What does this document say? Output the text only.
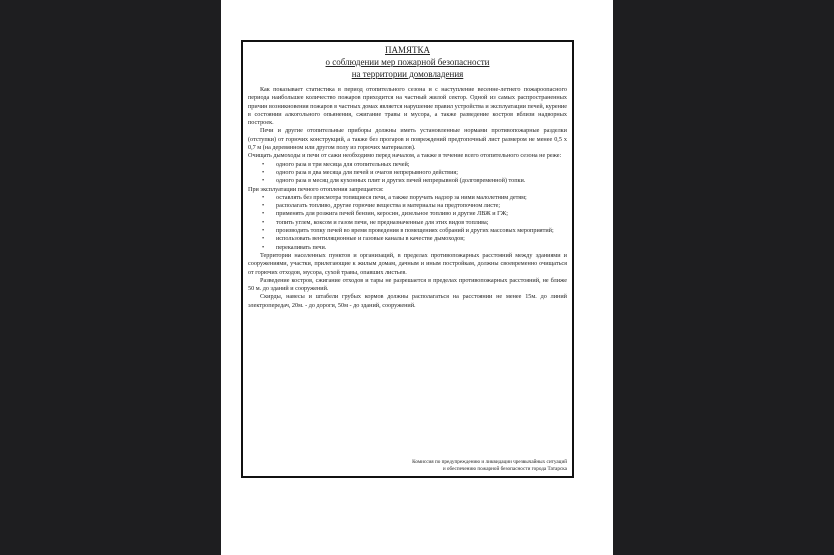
ПАМЯТКА

о соблюдении мер пожарной безопасности

на территории домовладения

Как показывает статистика в период отопительного сезона и с наступление весенне-летнего пожароопасного периода наибольшее количество пожаров приходится на частный жилой сектор. Одной из самых распространенных причин возникновения пожаров в частных домах является нарушение правил устройства и эксплуатации печей, курение в состоянии алкогольного опьянения, сжигание травы и мусора, а также разведение костров вблизи надворных построек.

Печи и другие отопительные приборы должны иметь установленные нормами противопожарные разделки (отступки) от горючих конструкций, а также без прогаров и повреждений предтопочный лист размером не менее 0,5 х 0,7 м (на деревянном или другом полу из горючих материалов).

Очищать дымоходы и печи от сажи необходимо перед началом, а также в течение всего отопительного сезона не реже:

• одного раза в три месяца для отопительных печей;
• одного раза в два месяца для печей и очагов непрерывного действия;
• одного раза в месяц для кухонных плит и других печей непрерывной (долговременной) топки.

При эксплуатации печного отопления запрещается:

• оставлять без присмотра топящиеся печи, а также поручать надзор за ними малолетним детям;
• располагать топливо, другие горючие вещества и материалы на предтопочном листе;
• применять для розжига печей бензин, керосин, дизельное топливо и другие ЛВЖ и ГЖ;
• топить углем, коксом и газом печи, не предназначенные для этих видов топлива;
• производить топку печей во время проведения в помещениях собраний и других массовых мероприятий;
• использовать вентиляционные и газовые каналы в качестве дымоходов;
• перекаливать печи.

Территории населенных пунктов и организаций, в пределах противопожарных расстояний между зданиями и сооружениями, участки, прилегающие к жилым домам, дачным и иным постройкам, должны своевременно очищаться от горючих отходов, мусора, сухой травы, опавших листьев.

Разведение костров, сжигание отходов и тары не разрешается в пределах противопожарных расстояний, не ближе 50 м. до зданий и сооружений.

Скирды, навесы и штабели грубых кормов должны располагаться на расстоянии не менее 15м. до линий электропередач, 20м. - до дороги, 50м - до зданий, сооружений.

Комиссия по предупреждению и ликвидации чрезвычайных ситуаций
и обеспечению пожарной безопасности города Татарска
